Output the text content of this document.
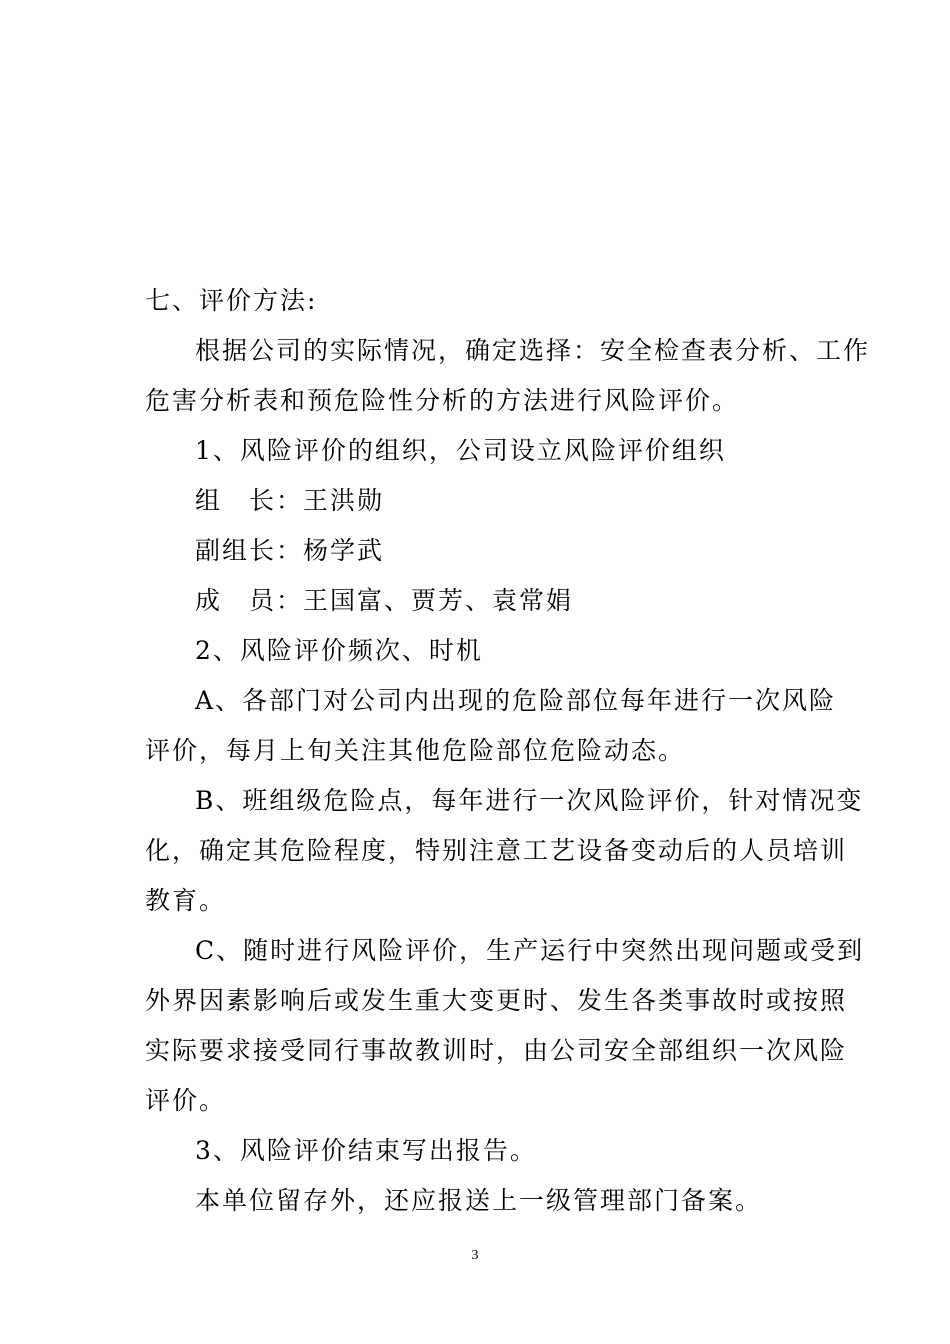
七、评价方法:
根据公司的实际情况，确定选择：安全检查表分析、工作
危害分析表和预危险性分析的方法进行风险评价。
1、风险评价的组织，公司设立风险评价组织
组　长：王洪勋
副组长：杨学武
成　员：王国富、贾芳、袁常娟
2、风险评价频次、时机
A、各部门对公司内出现的危险部位每年进行一次风险
评价，每月上旬关注其他危险部位危险动态。
B、班组级危险点，每年进行一次风险评价，针对情况变
化，确定其危险程度，特别注意工艺设备变动后的人员培训
教育。
C、随时进行风险评价，生产运行中突然出现问题或受到
外界因素影响后或发生重大变更时、发生各类事故时或按照
实际要求接受同行事故教训时，由公司安全部组织一次风险
评价。
3、风险评价结束写出报告。
本单位留存外，还应报送上一级管理部门备案。
3
